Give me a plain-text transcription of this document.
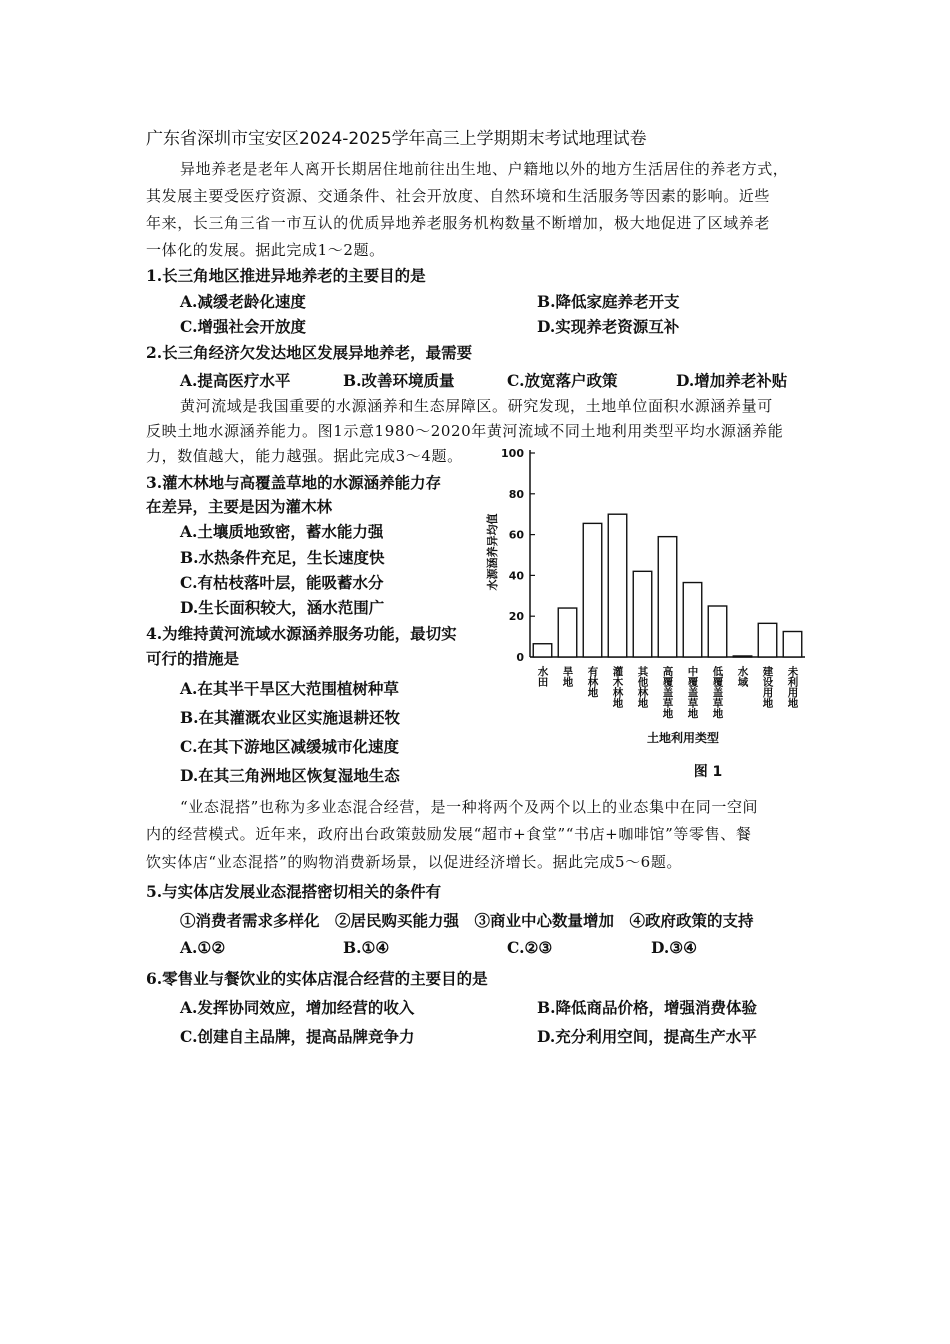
广东省深圳市宝安区2024-2025学年高三上学期期末考试地理试卷
异地养老是老年人离开长期居住地前往出生地、户籍地以外的地方生活居住的养老方式，
其发展主要受医疗资源、交通条件、社会开放度、自然环境和生活服务等因素的影响。近些
年来，长三角三省一市互认的优质异地养老服务机构数量不断增加，极大地促进了区域养老
一体化的发展。据此完成1～2题。
1.长三角地区推进异地养老的主要目的是
A.减缓老龄化速度	B.降低家庭养老开支
C.增强社会开放度	D.实现养老资源互补
2.长三角经济欠发达地区发展异地养老，最需要
A.提高医疗水平	B.改善环境质量	C.放宽落户政策	D.增加养老补贴
黄河流域是我国重要的水源涵养和生态屏障区。研究发现，土地单位面积水源涵养量可
反映土地水源涵养能力。图1示意1980～2020年黄河流域不同土地利用类型平均水源涵养能
力，数值越大，能力越强。据此完成3～4题。
3.灌木林地与高覆盖草地的水源涵养能力存
在差异，主要是因为灌木林
A.土壤质地致密，蓄水能力强
B.水热条件充足，生长速度快
C.有枯枝落叶层，能吸蓄水分
D.生长面积较大，涵水范围广
4.为维持黄河流域水源涵养服务功能，最切实
可行的措施是
A.在其半干旱区大范围植树种草
B.在其灌溉农业区实施退耕还牧
C.在其下游地区减缓城市化速度
D.在其三角洲地区恢复湿地生态
0
20
40
60
80
100
水田 旱地 有林地 灌木林地 其他林地 高覆盖草地 中覆盖草地 低覆盖草地 水域 建设用地 未利用地
水源涵养异均值
土地利用类型
图 1
“业态混搭”也称为多业态混合经营，是一种将两个及两个以上的业态集中在同一空间
内的经营模式。近年来，政府出台政策鼓励发展“超市+食堂”“书店+咖啡馆”等零售、餐
饮实体店“业态混搭”的购物消费新场景，以促进经济增长。据此完成5～6题。
5.与实体店发展业态混搭密切相关的条件有
①消费者需求多样化　②居民购买能力强　③商业中心数量增加　④政府政策的支持
A.①②	B.①④	C.②③	D.③④
6.零售业与餐饮业的实体店混合经营的主要目的是
A.发挥协同效应，增加经营的收入	B.降低商品价格，增强消费体验
C.创建自主品牌，提高品牌竞争力	D.充分利用空间，提高生产水平
